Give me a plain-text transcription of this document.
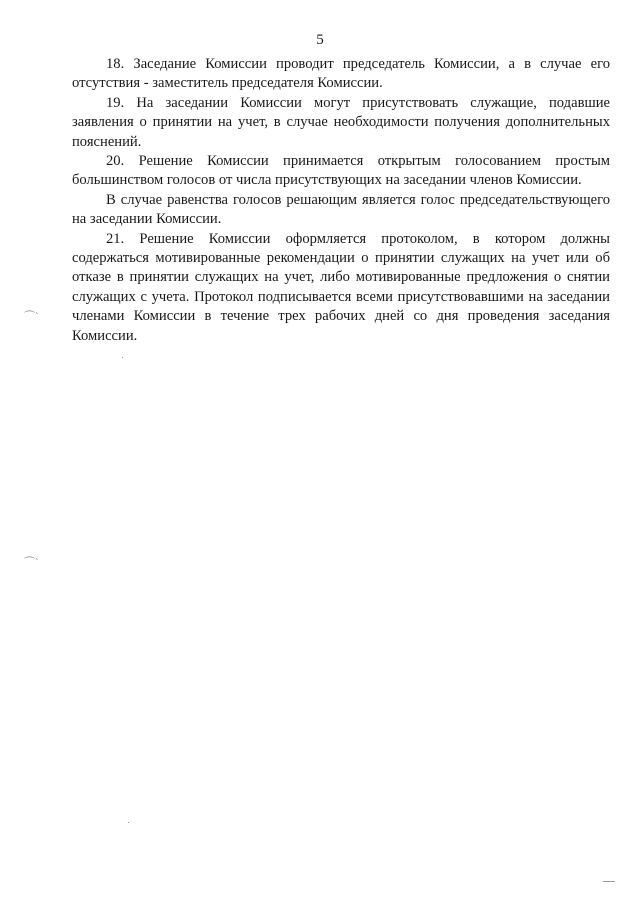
5

18. Заседание Комиссии проводит председатель Комиссии, а в случае его отсутствия - заместитель председателя Комиссии.

19. На заседании Комиссии могут присутствовать служащие, подавшие заявления о принятии на учет, в случае необходимости получения дополнительных пояснений.

20. Решение Комиссии принимается открытым голосованием простым большинством голосов от числа присутствующих на заседании членов Комиссии.

В случае равенства голосов решающим является голос председательствующего на заседании Комиссии.

21. Решение Комиссии оформляется протоколом, в котором должны содержаться мотивированные рекомендации о принятии служащих на учет или об отказе в принятии служащих на учет, либо мотивированные предложения о снятии служащих с учета. Протокол подписывается всеми присутствовавшими на заседании членами Комиссии в течение трех рабочих дней со дня проведения заседания Комиссии.

⌒`
⌒`
